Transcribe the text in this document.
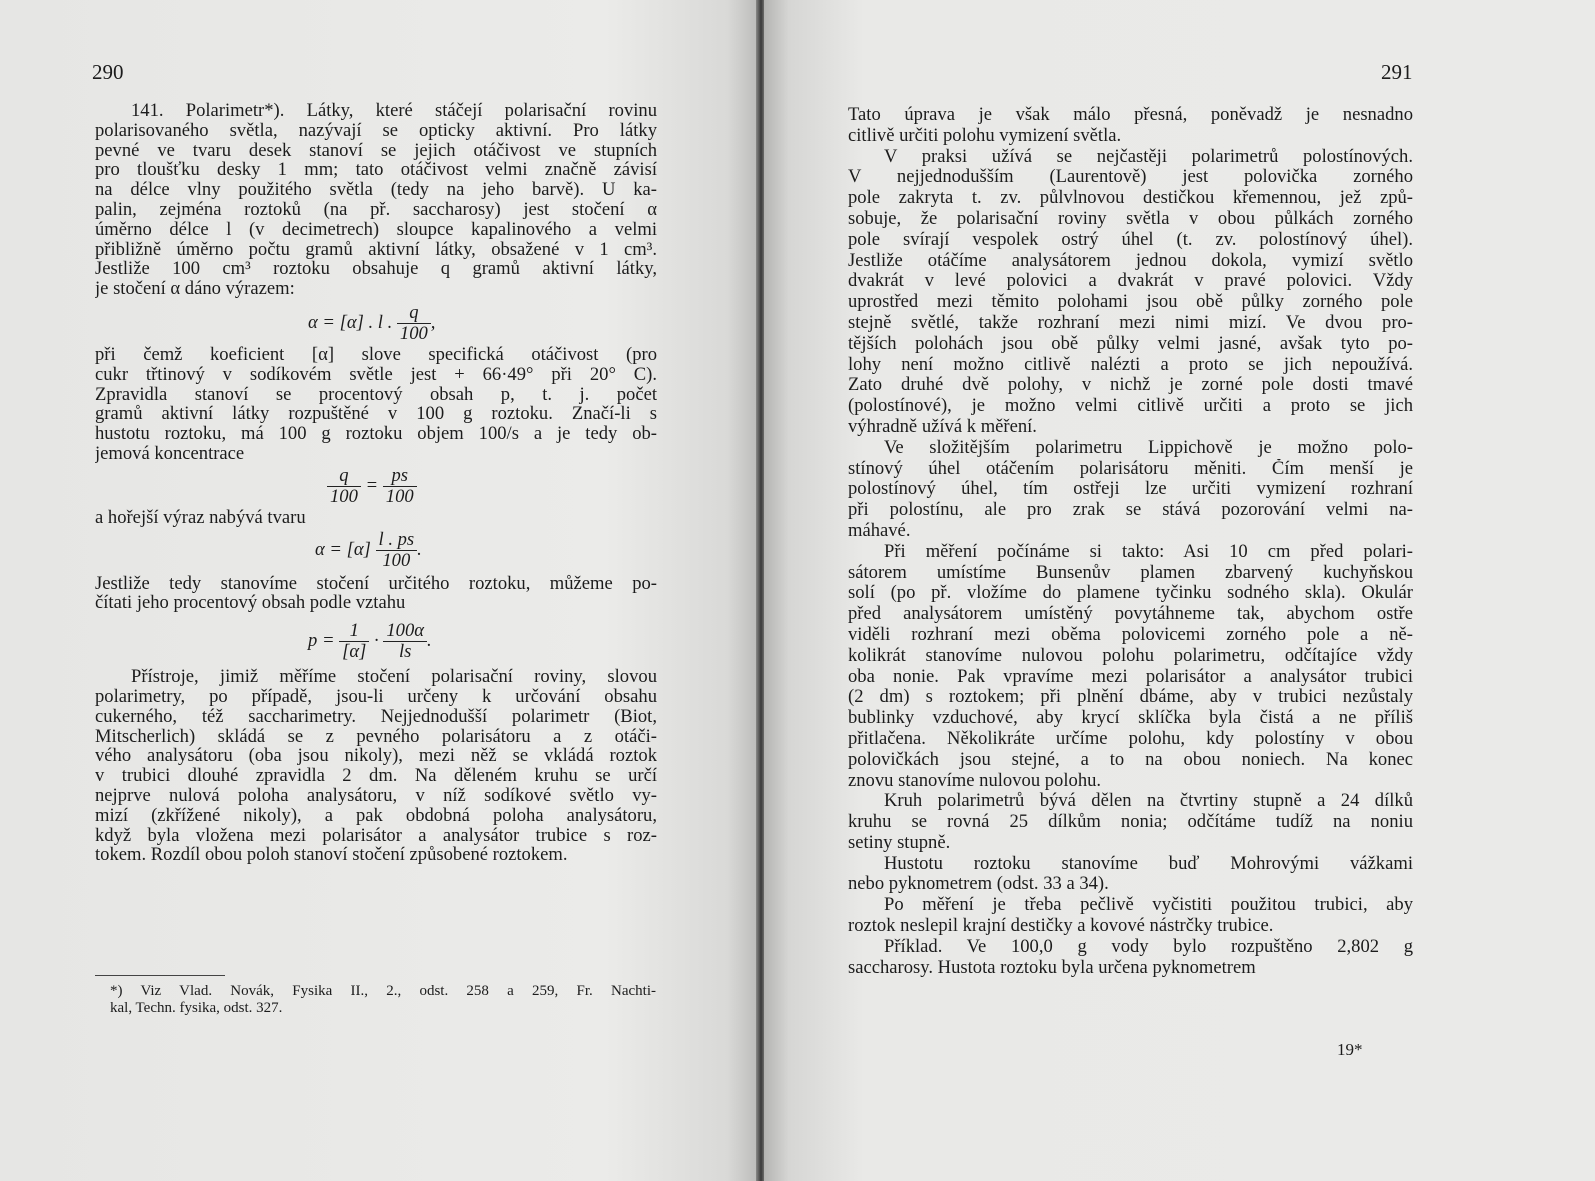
290
141. Polarimetr*). Látky, které stáčejí polarisační rovinu
polarisovaného světla, nazývají se opticky aktivní. Pro látky
pevné ve tvaru desek stanoví se jejich otáčivost ve stupních
pro tloušťku desky 1 mm; tato otáčivost velmi značně závisí
na délce vlny použitého světla (tedy na jeho barvě). U ka-
palin, zejména roztoků (na př. saccharosy) jest stočení α
úměrno délce l (v decimetrech) sloupce kapalinového a velmi
přibližně úměrno počtu gramů aktivní látky, obsažené v 1 cm³.
Jestliže 100 cm³ roztoku obsahuje q gramů aktivní látky,
je stočení α dáno výrazem:
α = [α] . l . $\frac{q}{100}$ ,
při čemž koeficient [α] slove specifická otáčivost (pro
cukr třtinový v sodíkovém světle jest + 66·49° při 20° C).
Zpravidla stanoví se procentový obsah p, t. j. počet
gramů aktivní látky rozpuštěné v 100 g roztoku. Značí-li s
hustotu roztoku, má 100 g roztoku objem 100/s a je tedy ob-
jemová koncentrace
$\frac{q}{100} = \frac{ps}{100}$
a hořejší výraz nabývá tvaru
$\alpha = [\alpha] \frac{l . ps}{100}$ .
Jestliže tedy stanovíme stočení určitého roztoku, můžeme po-
čítati jeho procentový obsah podle vztahu
$p = \frac{1}{[\alpha]} \cdot \frac{100\alpha}{ls}$ .
Přístroje, jimiž měříme stočení polarisační roviny, slovou
polarimetry, po případě, jsou-li určeny k určování obsahu
cukerného, též saccharimetry. Nejjednodušší polarimetr (Biot,
Mitscherlich) skládá se z pevného polarisátoru a z otáči-
vého analysátoru (oba jsou nikoly), mezi něž se vkládá roztok
v trubici dlouhé zpravidla 2 dm. Na děleném kruhu se určí
nejprve nulová poloha analysátoru, v níž sodíkové světlo vy-
mizí (zkřížené nikoly), a pak obdobná poloha analysátoru,
když byla vložena mezi polarisátor a analysátor trubice s roz-
tokem. Rozdíl obou poloh stanoví stočení způsobené roztokem.
*) Viz Vlad. Novák, Fysika II., 2., odst. 258 a 259, Fr. Nachti-
kal, Techn. fysika, odst. 327.
291
Tato úprava je však málo přesná, poněvadž je nesnadno
citlivě určiti polohu vymizení světla.
V praksi užívá se nejčastěji polarimetrů polostínových.
V nejjednodušším (Laurentově) jest polovička zorného
pole zakryta t. zv. půlvlnovou destičkou křemennou, jež způ-
sobuje, že polarisační roviny světla v obou půlkách zorného
pole svírají vespolek ostrý úhel (t. zv. polostínový úhel).
Jestliže otáčíme analysátorem jednou dokola, vymizí světlo
dvakrát v levé polovici a dvakrát v pravé polovici. Vždy
uprostřed mezi těmito polohami jsou obě půlky zorného pole
stejně světlé, takže rozhraní mezi nimi mizí. Ve dvou pro-
tějších polohách jsou obě půlky velmi jasné, avšak tyto po-
lohy není možno citlivě nalézti a proto se jich nepoužívá.
Zato druhé dvě polohy, v nichž je zorné pole dosti tmavé
(polostínové), je možno velmi citlivě určiti a proto se jich
výhradně užívá k měření.
Ve složitějším polarimetru Lippichově je možno polo-
stínový úhel otáčením polarisátoru měniti. Čím menší je
polostínový úhel, tím ostřeji lze určiti vymizení rozhraní
při polostínu, ale pro zrak se stává pozorování velmi na-
máhavé.
Při měření počínáme si takto: Asi 10 cm před polari-
sátorem umístíme Bunsenův plamen zbarvený kuchyňskou
solí (po př. vložíme do plamene tyčinku sodného skla). Okulár
před analysátorem umístěný povytáhneme tak, abychom ostře
viděli rozhraní mezi oběma polovicemi zorného pole a ně-
kolikrát stanovíme nulovou polohu polarimetru, odčítajíce vždy
oba nonie. Pak vpravíme mezi polarisátor a analysátor trubici
(2 dm) s roztokem; při plnění dbáme, aby v trubici nezůstaly
bublinky vzduchové, aby krycí sklíčka byla čistá a ne příliš
přitlačena. Několikráte určíme polohu, kdy polostíny v obou
polovičkách jsou stejné, a to na obou noniech. Na konec
znovu stanovíme nulovou polohu.
Kruh polarimetrů bývá dělen na čtvrtiny stupně a 24 dílků
kruhu se rovná 25 dílkům nonia; odčítáme tudíž na noniu
setiny stupně.
Hustotu roztoku stanovíme buď Mohrovými vážkami
nebo pyknometrem (odst. 33 a 34).
Po měření je třeba pečlivě vyčistiti použitou trubici, aby
roztok neslepil krajní destičky a kovové nástrčky trubice.
Příklad. Ve 100,0 g vody bylo rozpuštěno 2,802 g
saccharosy. Hustota roztoku byla určena pyknometrem
19*
